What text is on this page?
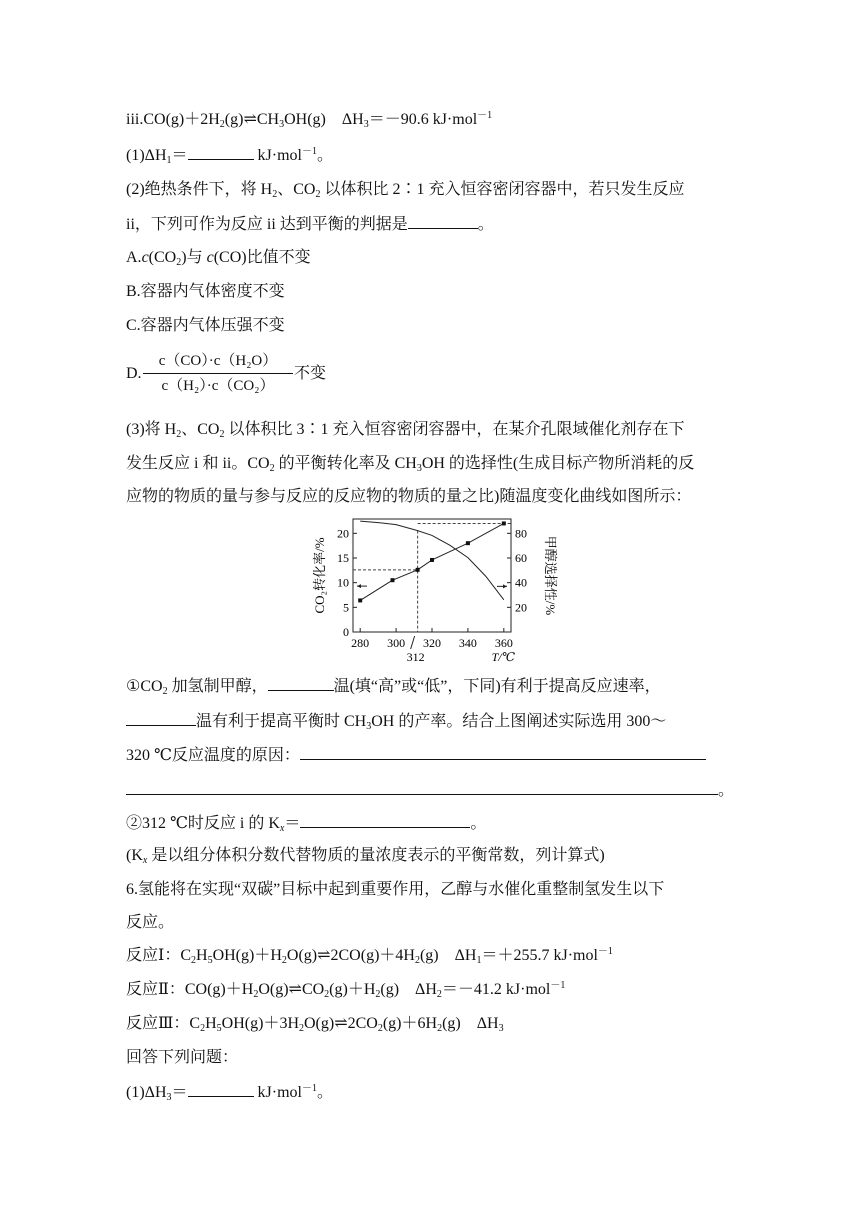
$iii.CO(g)+2H_2(g)\rightleftharpoons CH_3OH(g)$　$\Delta H_3=-90.6$ kJ·mol$^{-1}$
$(1)\Delta H_1=$	kJ·mol$^{-1}$。
(2)绝热条件下，将 $H_2$、$CO_2$ 以体积比 2∶1 充入恒容密闭容器中，若只发生反应
ii，下列可作为反应 ii 达到平衡的判据是	。
$A.c(CO_2)$与 c(CO)比值不变
B.容器内气体密度不变
C.容器内气体压强不变
D.
c（CO）·c（H₂O）
c（H₂）·c（CO₂）
不变
(3)将 $H_2$、$CO_2$ 以体积比 3∶1 充入恒容密闭容器中，在某介孔限域催化剂存在下
发生反应 i 和 ii。$CO_2$ 的平衡转化率及 $CH_3OH$ 的选择性(生成目标产物所消耗的反
应物的物质的量与参与反应的反应物的物质的量之比)随温度变化曲线如图所示：
0
5
10
15
20
20
40
60
80
280 300 320 340 360
312	T/℃
CO₂转化率/%	甲醇选择性/%
$①CO_2$ 加氢制甲醇，	温(填“高”或“低”，下同)有利于提高反应速率，
温有利于提高平衡时 $CH_3OH$ 的产率。结合上图阐述实际选用 300～
320 ℃反应温度的原因：
。
②312 ℃时反应 i 的 $K_x=$	。
($K_x$ 是以组分体积分数代替物质的量浓度表示的平衡常数，列计算式)
6.氢能将在实现“双碳”目标中起到重要作用，乙醇与水催化重整制氢发生以下
反应。
反应Ⅰ：$C_2H_5OH(g)+H_2O(g)\rightleftharpoons 2CO(g)+4H_2(g)$　$\Delta H_1=+255.7$ kJ·mol$^{-1}$
反应Ⅱ：$CO(g)+H_2O(g)\rightleftharpoons CO_2(g)+H_2(g)$　$\Delta H_2=-41.2$ kJ·mol$^{-1}$
反应Ⅲ：$C_2H_5OH(g)+3H_2O(g)\rightleftharpoons 2CO_2(g)+6H_2(g)$　$\Delta H_3$
回答下列问题：
$(1)\Delta H_3=$	kJ·mol$^{-1}$。
